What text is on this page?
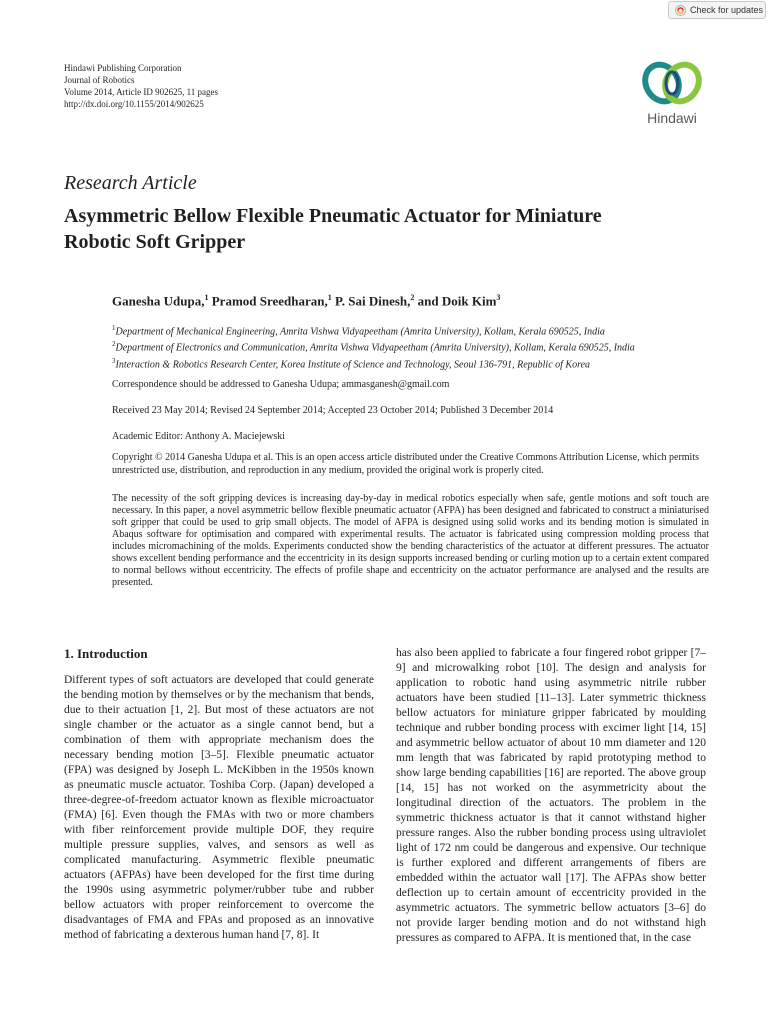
Check for updates
Hindawi Publishing Corporation
Journal of Robotics
Volume 2014, Article ID 902625, 11 pages
http://dx.doi.org/10.1155/2014/902625
Hindawi
Research Article
Asymmetric Bellow Flexible Pneumatic Actuator for Miniature Robotic Soft Gripper
Ganesha Udupa,$^1$ Pramod Sreedharan,$^1$ P. Sai Dinesh,$^2$ and Doik Kim$^3$
$^1$Department of Mechanical Engineering, Amrita Vishwa Vidyapeetham (Amrita University), Kollam, Kerala 690525, India
$^2$Department of Electronics and Communication, Amrita Vishwa Vidyapeetham (Amrita University), Kollam, Kerala 690525, India
$^3$Interaction & Robotics Research Center, Korea Institute of Science and Technology, Seoul 136-791, Republic of Korea
Correspondence should be addressed to Ganesha Udupa; ammasganesh@gmail.com
Received 23 May 2014; Revised 24 September 2014; Accepted 23 October 2014; Published 3 December 2014
Academic Editor: Anthony A. Maciejewski
Copyright © 2014 Ganesha Udupa et al. This is an open access article distributed under the Creative Commons Attribution License, which permits unrestricted use, distribution, and reproduction in any medium, provided the original work is properly cited.
The necessity of the soft gripping devices is increasing day-by-day in medical robotics especially when safe, gentle motions and soft touch are necessary. In this paper, a novel asymmetric bellow flexible pneumatic actuator (AFPA) has been designed and fabricated to construct a miniaturised soft gripper that could be used to grip small objects. The model of AFPA is designed using solid works and its bending motion is simulated in Abaqus software for optimisation and compared with experimental results. The actuator is fabricated using compression molding process that includes micromachining of the molds. Experiments conducted show the bending characteristics of the actuator at different pressures. The actuator shows excellent bending performance and the eccentricity in its design supports increased bending or curling motion up to a certain extent compared to normal bellows without eccentricity. The effects of profile shape and eccentricity on the actuator performance are analysed and the results are presented.
1. Introduction

Different types of soft actuators are developed that could generate the bending motion by themselves or by the mechanism that bends, due to their actuation [1, 2]. But most of these actuators are not single chamber or the actuator as a single cannot bend, but a combination of them with appropriate mechanism does the necessary bending motion [3–5]. Flexible pneumatic actuator (FPA) was designed by Joseph L. McKibben in the 1950s known as pneumatic muscle actuator. Toshiba Corp. (Japan) developed a three-degree-of-freedom actuator known as flexible microactuator (FMA) [6]. Even though the FMAs with two or more chambers with fiber reinforcement provide multiple DOF, they require multiple pressure supplies, valves, and sensors as well as complicated manufacturing. Asymmetric flexible pneumatic actuators (AFPAs) have been developed for the first time during the 1990s using asymmetric polymer/rubber tube and rubber bellow actuators with proper reinforcement to overcome the disadvantages of FMA and FPAs and proposed as an innovative method of fabricating a dexterous human hand [7, 8]. It

has also been applied to fabricate a four fingered robot gripper [7–9] and microwalking robot [10]. The design and analysis for application to robotic hand using asymmetric nitrile rubber actuators have been studied [11–13]. Later symmetric thickness bellow actuators for miniature gripper fabricated by moulding technique and rubber bonding process with excimer light [14, 15] and asymmetric bellow actuator of about 10 mm diameter and 120 mm length that was fabricated by rapid prototyping method to show large bending capabilities [16] are reported. The above group [14, 15] has not worked on the asymmetricity about the longitudinal direction of the actuators. The problem in the symmetric thickness actuator is that it cannot withstand higher pressure ranges. Also the rubber bonding process using ultraviolet light of 172 nm could be dangerous and expensive. Our technique is further explored and different arrangements of fibers are embedded within the actuator wall [17]. The AFPAs show better deflection up to certain amount of eccentricity provided in the asymmetric actuators. The symmetric bellow actuators [3–6] do not provide larger bending motion and do not withstand high pressures as compared to AFPA. It is mentioned that, in the case
